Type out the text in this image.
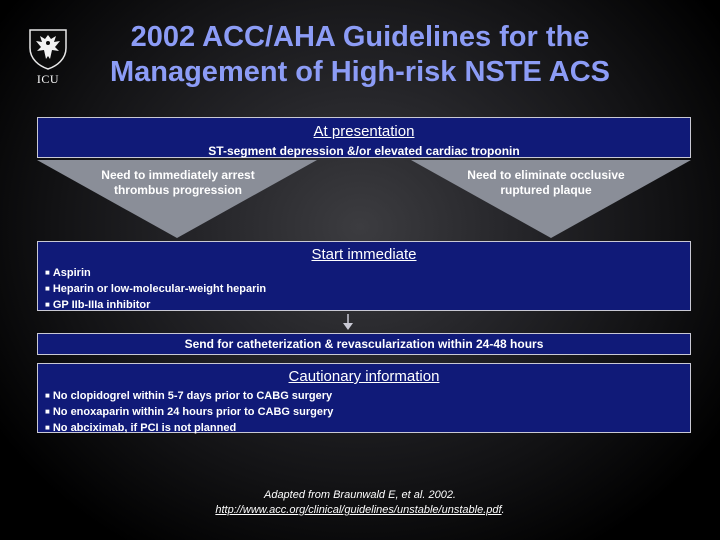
ICU
2002 ACC/AHA Guidelines for the
Management of High-risk NSTE ACS
At presentation
ST-segment depression &/or elevated cardiac troponin
Need to immediately arrest
thrombus progression
Need to eliminate occlusive
ruptured plaque
Start immediate
■ Aspirin
■ Heparin or low-molecular-weight heparin
■ GP IIb-IIIa inhibitor
Send for catheterization & revascularization within 24-48 hours
Cautionary information
■ No clopidogrel within 5-7 days prior to CABG surgery
■ No enoxaparin within 24 hours prior to CABG surgery
■ No abciximab, if PCI is not planned
Adapted from Braunwald E, et al. 2002.
http://www.acc.org/clinical/guidelines/unstable/unstable.pdf.
